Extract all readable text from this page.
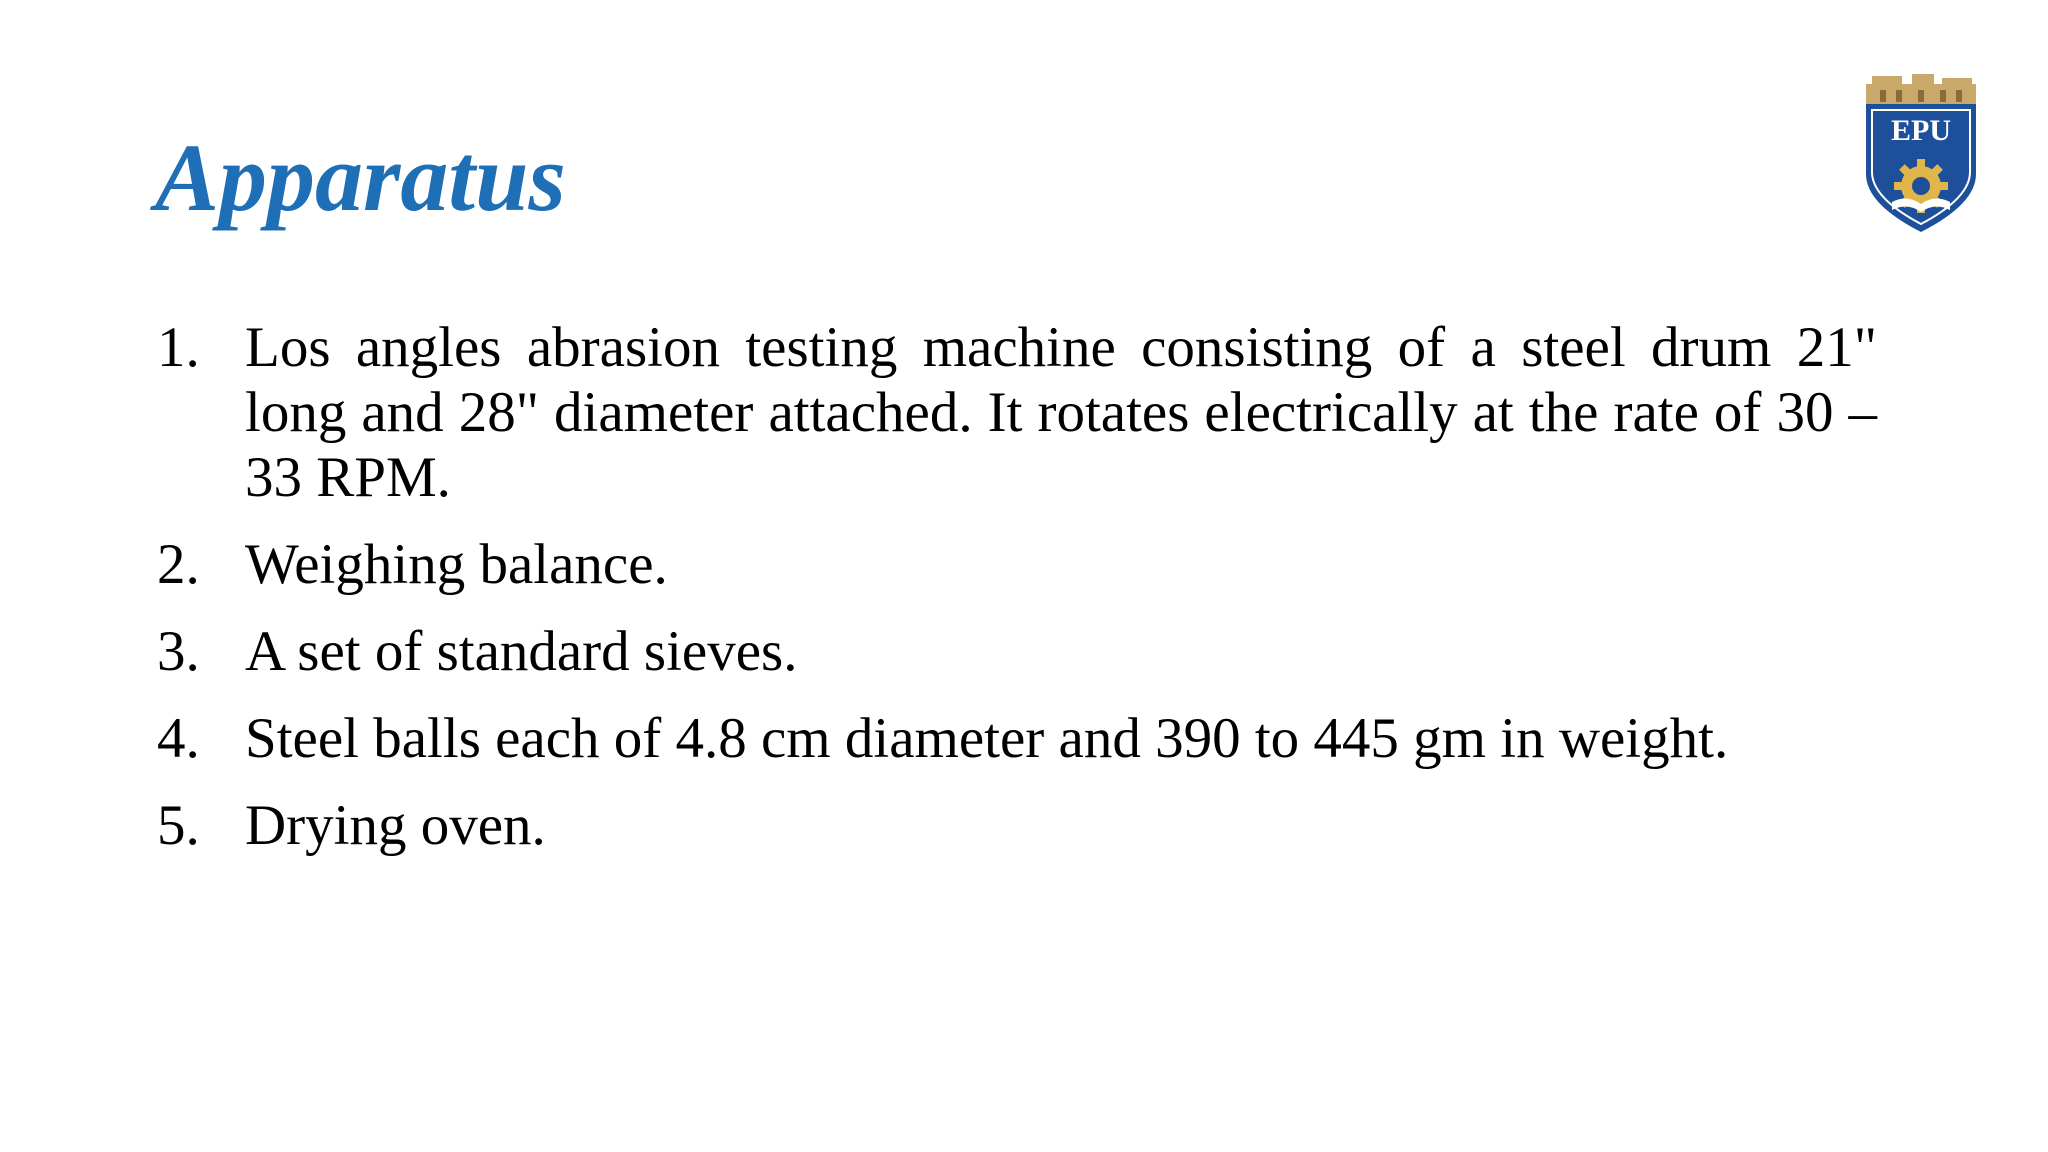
Apparatus	EPU
1. Los angles abrasion testing machine consisting of a steel drum 21" long and 28" diameter attached. It rotates electrically at the rate of 30 – 33 RPM.
2. Weighing balance.
3. A set of standard sieves.
4. Steel balls each of 4.8 cm diameter and 390 to 445 gm in weight.
5. Drying oven.
